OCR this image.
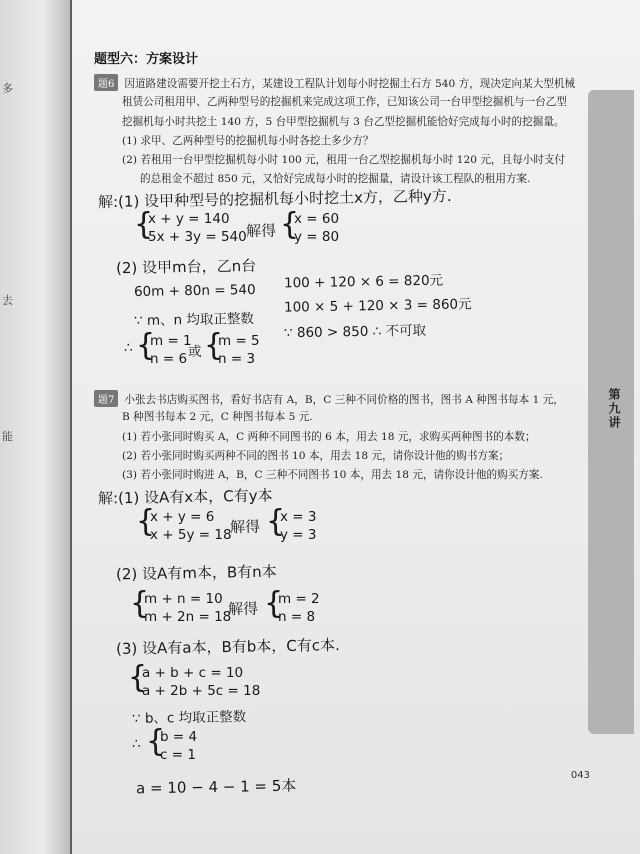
多
去
能
第九讲
题型六：方案设计
题6 因道路建设需要开挖土石方，某建设工程队计划每小时挖掘土石方 540 方，现决定向某大型机械
租赁公司租用甲、乙两种型号的挖掘机来完成这项工作，已知该公司一台甲型挖掘机与一台乙型
挖掘机每小时共挖土 140 方，5 台甲型挖掘机与 3 台乙型挖掘机能恰好完成每小时的挖掘量。
(1) 求甲、乙两种型号的挖掘机每小时各挖土多少方？
(2) 若租用一台甲型挖掘机每小时 100 元，租用一台乙型挖掘机每小时 120 元，且每小时支付
的总租金不超过 850 元，又恰好完成每小时的挖掘量，请设计该工程队的租用方案.
解:(1) 设甲种型号的挖掘机每小时挖土x方，乙种y方.
{
x + y = 140
5x + 3y = 540 解得 {
x = 60
y = 80
(2) 设甲m台，乙n台
60m + 80n = 540
∵ m、n 均取正整数
∴ {
m = 1
n = 6 或 {
m = 5
n = 3
100 + 120 × 6 = 820元
100 × 5 + 120 × 3 = 860元
∵ 860 > 850 ∴ 不可取
题7 小张去书店购买图书，看好书店有 A，B，C 三种不同价格的图书，图书 A 种图书每本 1 元，
B 种图书每本 2 元，C 种图书每本 5 元.
(1) 若小张同时购买 A，C 两种不同图书的 6 本，用去 18 元，求购买两种图书的本数；
(2) 若小张同时购买两种不同的图书 10 本，用去 18 元，请你设计他的购书方案；
(3) 若小张同时购进 A，B，C 三种不同图书 10 本，用去 18 元，请你设计他的购买方案.
解:(1) 设A有x本，C有y本
{
x + y = 6
x + 5y = 18
解得 {
x = 3
y = 3
(2) 设A有m本，B有n本
{
m + n = 10
m + 2n = 18
解得 {
m = 2
n = 8
(3) 设A有a本，B有b本，C有c本.
{
a + b + c = 10
a + 2b + 5c = 18
∵ b、c 均取正整数
∴ {
b = 4
c = 1
a = 10 − 4 − 1 = 5本
043
